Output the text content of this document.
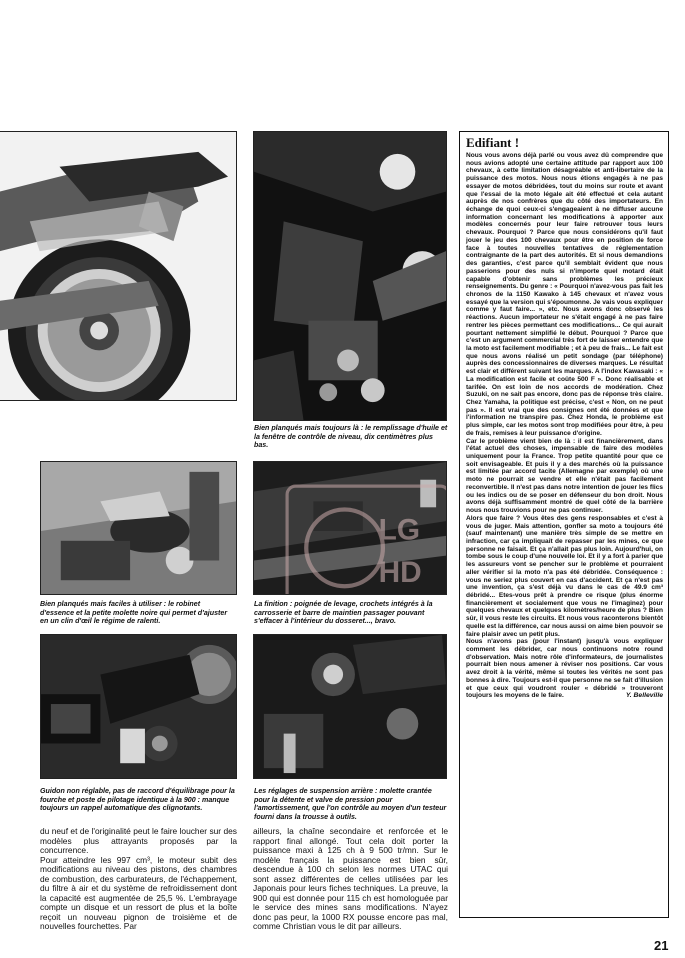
Bien planqués mais toujours là : le remplissage d'huile et la fenêtre de contrôle de niveau, dix centimètres plus bas.

Bien planqués mais faciles à utiliser : le robinet d'essence et la petite molette noire qui permet d'ajuster en un clin d'œil le régime de ralenti.

LG
HD

La finition : poignée de levage, crochets intégrés à la carrosserie et barre de maintien passager pouvant s'effacer à l'intérieur du dosseret..., bravo.

Guidon non réglable, pas de raccord d'équilibrage pour la fourche et poste de pilotage identique à la 900 : manque toujours un rappel automatique des clignotants.

Les réglages de suspension arrière : molette crantée pour la détente et valve de pression pour l'amortissement, que l'on contrôle au moyen d'un testeur fourni dans la trousse à outils.

du neuf et de l'originalité peut le faire loucher sur des modèles plus attrayants proposés par la concurrence.

Pour atteindre les 997 cm³, le moteur subit des modifications au niveau des pistons, des chambres de combustion, des carburateurs, de l'échappement, du filtre à air et du système de refroidissement dont la capacité est augmentée de 25,5 %. L'embrayage compte un disque et un ressort de plus et la boîte reçoit un nouveau pignon de troisième et de nouvelles fourchettes. Par

ailleurs, la chaîne secondaire et renforcée et le rapport final allongé. Tout cela doit porter la puissance maxi à 125 ch à 9 500 tr/mn. Sur le modèle français la puissance est bien sûr, descendue à 100 ch selon les normes UTAC qui sont assez différentes de celles utilisées par les Japonais pour leurs fiches techniques. La preuve, la 900 qui est donnée pour 115 ch est homologuée par le service des mines sans modifications. N'ayez donc pas peur, la 1000 RX pousse encore pas mal, comme Christian vous le dit par ailleurs.

Edifiant !

Nous vous avons déjà parlé ou vous avez dû comprendre que nous avions adopté une certaine attitude par rapport aux 100 chevaux, à cette limitation désagréable et anti-libertaire de la puissance des motos. Nous nous étions engagés à ne pas essayer de motos débridées, tout du moins sur route et avant que l'essai de la moto légale ait été effectué et cela autant auprès de nos confrères que du côté des importateurs. En échange de quoi ceux-ci s'engageaient à ne diffuser aucune information concernant les modifications à apporter aux modèles concernés pour leur faire retrouver tous leurs chevaux. Pourquoi ? Parce que nous considérons qu'il faut jouer le jeu des 100 chevaux pour être en position de force face à toutes nouvelles tentatives de réglementation contraignante de la part des autorités. Et si nous demandions des garanties, c'est parce qu'il semblait évident que nous passerions pour des nuls si n'importe quel motard était capable d'obtenir sans problèmes les précieux renseignements. Du genre : « Pourquoi n'avez-vous pas fait les chronos de la 1150 Kawako à 145 chevaux et n'avez vous essayé que la version qui s'époumonne. Je vais vous expliquer comme y faut faire... », etc. Nous avons donc observé les réactions. Aucun importateur ne s'était engagé à ne pas faire rentrer les pièces permettant ces modifications... Ce qui aurait pourtant nettement simplifié le début. Pourquoi ? Parce que c'est un argument commercial très fort de laisser entendre que la moto est facilement modifiable ; et à peu de frais... Le fait est que nous avons réalisé un petit sondage (par téléphone) auprès des concessionnaires de diverses marques. Le résultat est clair et différent suivant les marques. A l'index Kawasaki : « La modification est facile et coûte 500 F ». Donc réalisable et tarifée. On est loin de nos accords de modération. Chez Suzuki, on ne sait pas encore, donc pas de réponse très claire. Chez Yamaha, la politique est précise, c'est « Non, on ne peut pas ». Il est vrai que des consignes ont été données et que l'information ne transpire pas. Chez Honda, le problème est plus simple, car les motos sont trop modifiées pour être, à peu de frais, remises à leur puissance d'origine.

Car le problème vient bien de là : il est financièrement, dans l'état actuel des choses, impensable de faire des modèles uniquement pour la France. Trop petite quantité pour que ce soit envisageable. Et puis il y a des marchés où la puissance est limitée par accord tacite (Allemagne par exemple) où une moto ne pourrait se vendre et elle n'était pas facilement reconvertible. Il n'est pas dans notre intention de jouer les flics ou les indics ou de se poser en défenseur du bon droit. Nous avons déjà suffisamment montré de quel côté de la barrière nous nous trouvions pour ne pas continuer.

Alors que faire ? Vous êtes des gens responsables et c'est à vous de juger. Mais attention, gonfler sa moto a toujours été (sauf maintenant) une manière très simple de se mettre en infraction, car ça impliquait de repasser par les mines, ce que personne ne faisait. Et ça n'allait pas plus loin. Aujourd'hui, on tombe sous le coup d'une nouvelle loi. Et il y a fort à parier que les assureurs vont se pencher sur le problème et pourraient aller vérifier si la moto n'a pas été débridée. Conséquence : vous ne seriez plus couvert en cas d'accident. Et ça n'est pas une invention, ça s'est déjà vu dans le cas de 49.9 cm³ débridé... Etes-vous prêt à prendre ce risque (plus énorme financièrement et socialement que vous ne l'imaginez) pour quelques chevaux et quelques kilomètres/heure de plus ? Bien sûr, il vous reste les circuits. Et nous vous raconterons bientôt quelle est la différence, car nous aussi on aime bien pouvoir se faire plaisir avec un petit plus.

Nous n'avons pas (pour l'instant) jusqu'à vous expliquer comment les débrider, car nous continuons notre round d'observation. Mais notre rôle d'informateurs, de journalistes pourrait bien nous amener à réviser nos positions. Car vous avez droit à la vérité, même si toutes les vérités ne sont pas bonnes à dire. Toujours est-il que personne ne se fait d'illusion et que ceux qui voudront rouler « débridé » trouveront toujours les moyens de le faire.	Y. Belleville
21
